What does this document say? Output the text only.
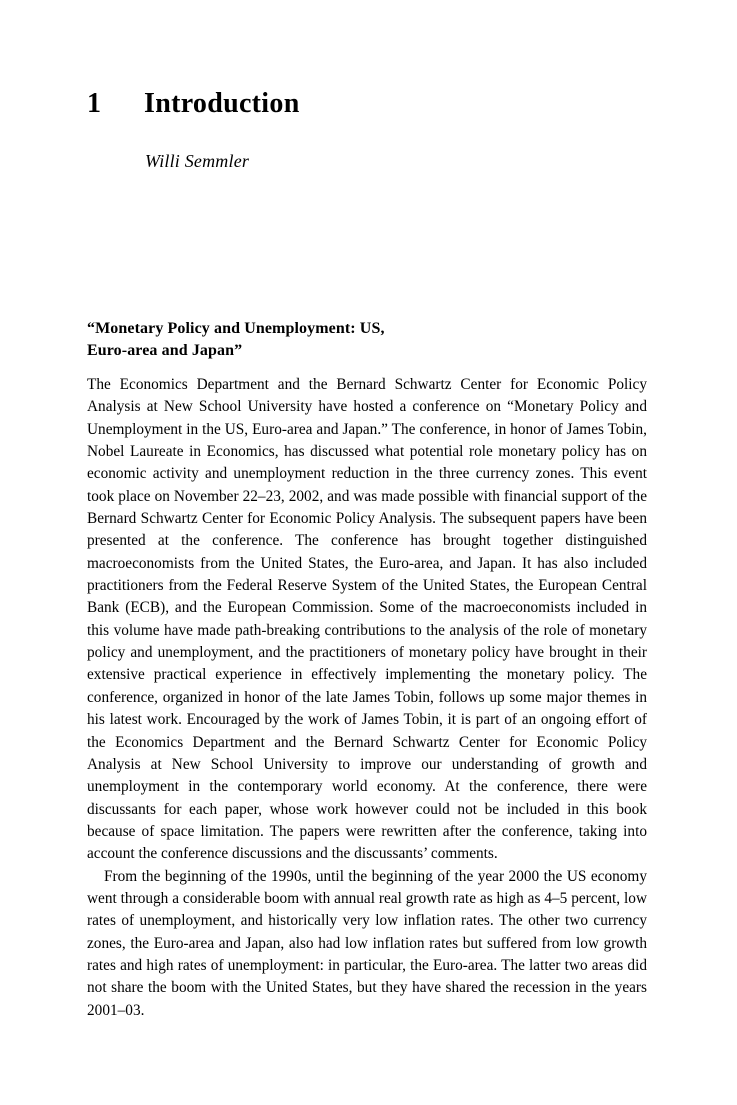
1	Introduction
Willi Semmler
“Monetary Policy and Unemployment: US,
Euro-area and Japan”

The Economics Department and the Bernard Schwartz Center for Economic Policy Analysis at New School University have hosted a conference on “Monetary Policy and Unemployment in the US, Euro-area and Japan.” The conference, in honor of James Tobin, Nobel Laureate in Economics, has discussed what potential role monetary policy has on economic activity and unemployment reduction in the three currency zones. This event took place on November 22–23, 2002, and was made possible with financial support of the Bernard Schwartz Center for Economic Policy Analysis. The subsequent papers have been presented at the conference. The conference has brought together distinguished macroeconomists from the United States, the Euro-area, and Japan. It has also included practitioners from the Federal Reserve System of the United States, the European Central Bank (ECB), and the European Commission. Some of the macroeconomists included in this volume have made path-breaking contributions to the analysis of the role of monetary policy and unemployment, and the practitioners of monetary policy have brought in their extensive practical experience in effectively implementing the monetary policy. The conference, organized in honor of the late James Tobin, follows up some major themes in his latest work. Encouraged by the work of James Tobin, it is part of an ongoing effort of the Economics Department and the Bernard Schwartz Center for Economic Policy Analysis at New School University to improve our understanding of growth and unemployment in the contemporary world economy. At the conference, there were discussants for each paper, whose work however could not be included in this book because of space limitation. The papers were rewritten after the conference, taking into account the conference discussions and the discussants’ comments.

From the beginning of the 1990s, until the beginning of the year 2000 the US economy went through a considerable boom with annual real growth rate as high as 4–5 percent, low rates of unemployment, and historically very low inflation rates. The other two currency zones, the Euro-area and Japan, also had low inflation rates but suffered from low growth rates and high rates of unemployment: in particular, the Euro-area. The latter two areas did not share the boom with the United States, but they have shared the recession in the years 2001–03.
